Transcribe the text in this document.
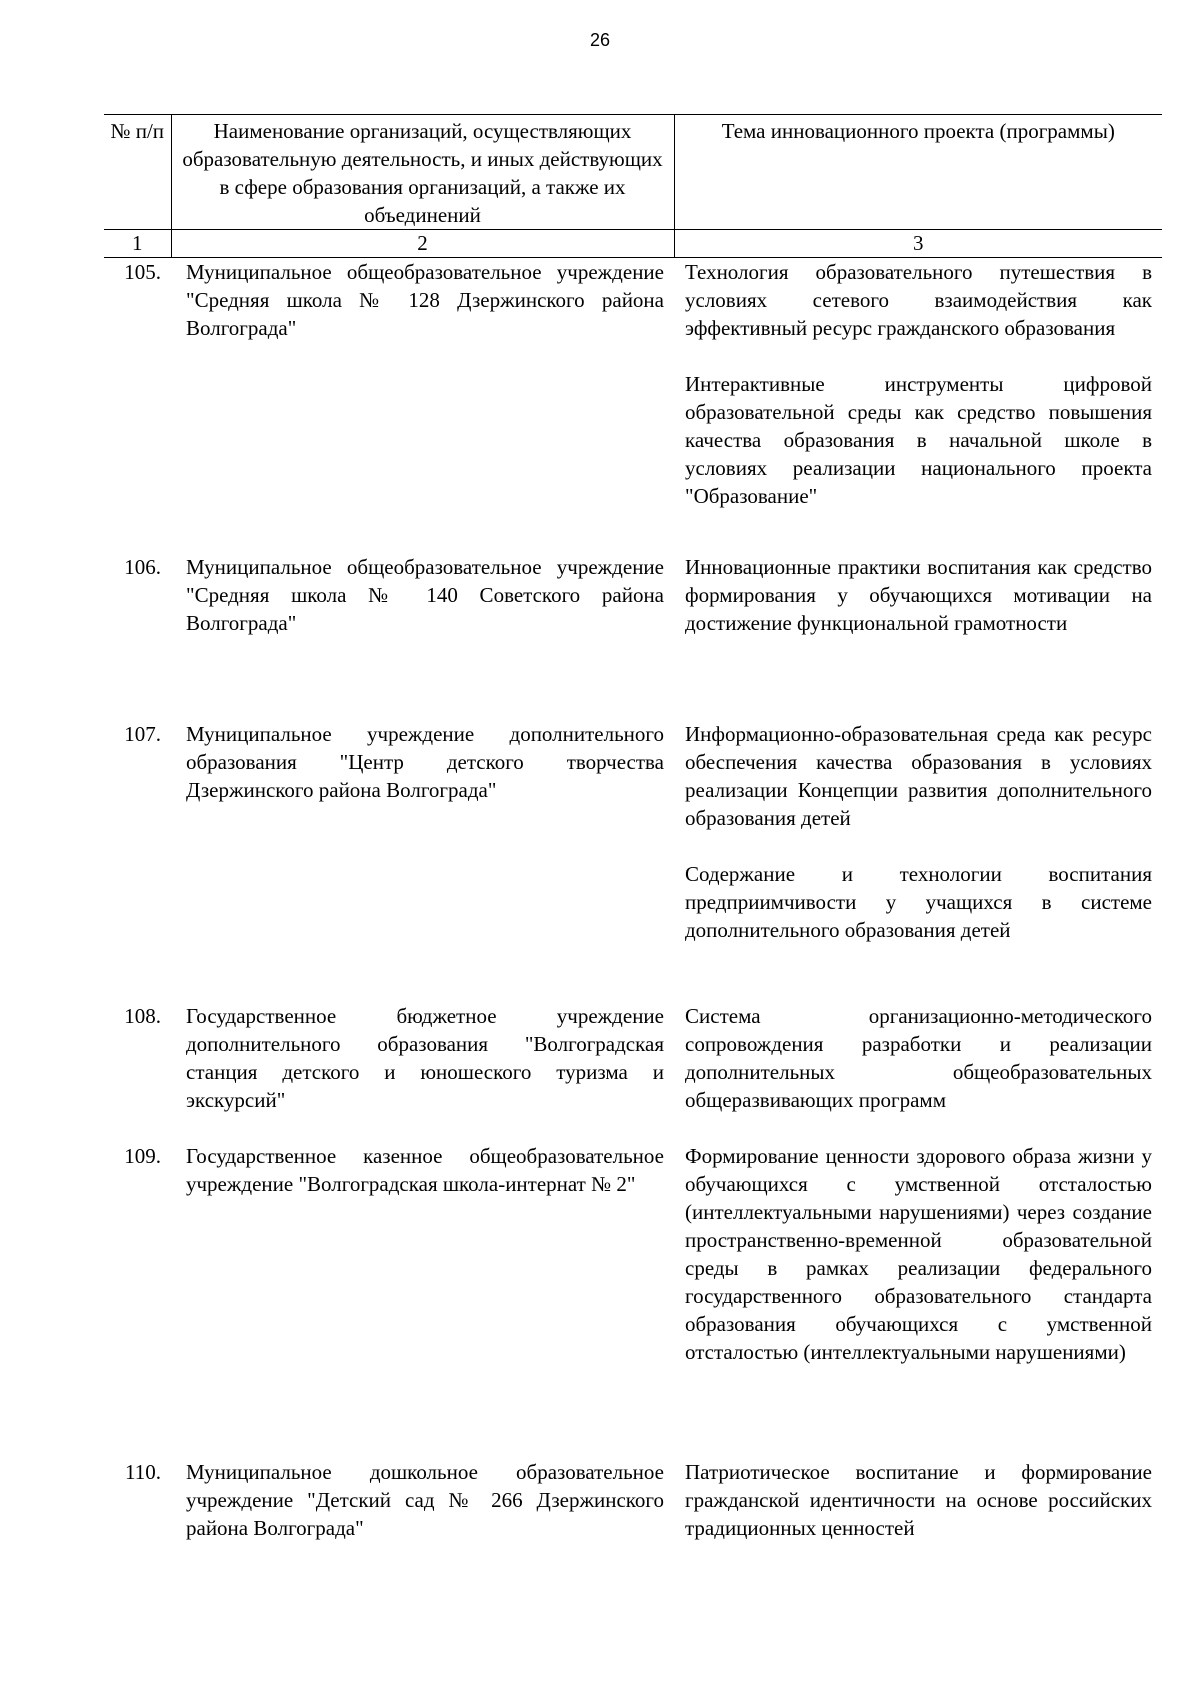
26
№ п/п	Наименование организаций, осуществляющих образовательную деятельность, и иных действующих в сфере образования организаций, а также их объединений	Тема инновационного проекта (программы)
1	2	3
105.	Муниципальное общеобразовательное учреждение "Средняя школа № 128 Дзержинского района Волгограда"	Технология образовательного путешествия в условиях сетевого взаимодействия как эффективный ресурс гражданского образования
Интерактивные инструменты цифровой образовательной среды как средство повышения качества образования в начальной школе в условиях реализации национального проекта "Образование"

106.	Муниципальное общеобразовательное учреждение "Средняя школа № 140 Советского района Волгограда"	Инновационные практики воспитания как средство формирования у обучающихся мотивации на достижение функциональной грамотности

107.	Муниципальное учреждение дополнительного образования "Центр детского творчества Дзержинского района Волгограда"	Информационно-образовательная среда как ресурс обеспечения качества образования в условиях реализации Концепции развития дополнительного образования детей
Содержание и технологии воспитания предприимчивости у учащихся в системе дополнительного образования детей

108.	Государственное бюджетное учреждение дополнительного образования "Волгоградская станция детского и юношеского туризма и экскурсий"	Система организационно-методического сопровождения разработки и реализации дополнительных общеобразовательных общеразвивающих программ

109.	Государственное казенное общеобразовательное учреждение "Волгоградская школа-интернат № 2"	Формирование ценности здорового образа жизни у обучающихся с умственной отсталостью (интеллектуальными нарушениями) через создание пространственно-временной образовательной среды в рамках реализации федерального государственного образовательного стандарта образования обучающихся с умственной отсталостью (интеллектуальными нарушениями)

110.	Муниципальное дошкольное образовательное учреждение "Детский сад № 266 Дзержинского района Волгограда"	Патриотическое воспитание и формирование гражданской идентичности на основе российских традиционных ценностей
